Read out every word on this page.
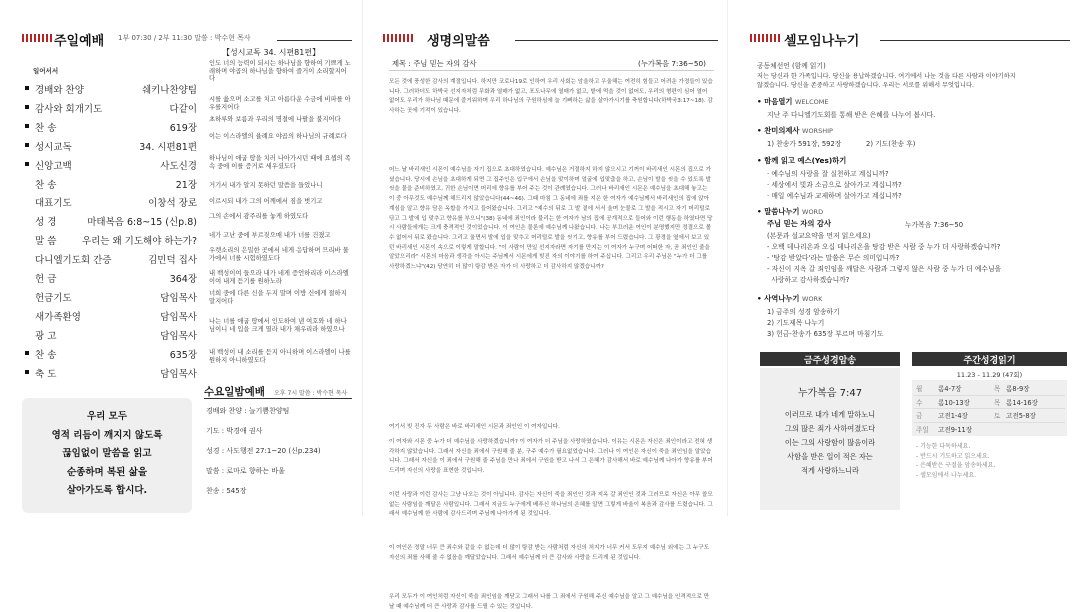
주일예배 1부 07:30 / 2부 11:30 말씀 : 박수현 목사
일어서서
경배와 찬양	쉐키나찬양팀
감사와 회개기도	다같이
찬 송	619장
성시교독	34. 시편81편
신앙고백	사도신경
찬 송	21장
대표기도	이창석 장로
성 경	마태복음 6:8~15 (신p.8)
말 씀	우리는 왜 기도해야 하는가?
다니엘기도회 간증	김민덕 집사
헌 금	364장
헌금기도	담임목사
새가족환영	담임목사
광 고	담임목사
찬 송	635장
축 도	담임목사
【성시교독 34. 시편81편】
인도 너의 능력이 되시는 하나님을 향하여 기쁘게 노래하며 야곱의 하나님을 향하여 즐거이 소리할지어다
시를 읊으며 소고를 치고 아름다운 수금에 비파를 아우를지어다
초하루와 보름과 우리의 명절에 나팔을 불지어다
이는 이스라엘의 율례요 야곱의 하나님의 규례로다
하나님이 애굽 땅을 치러 나아가시던 때에 요셉의 족속 중에 이를 증거로 세우셨도다
거기서 내가 알지 못하던 말씀을 들었나니
이르시되 내가 그의 어깨에서 짐을 벗기고
그의 손에서 광주리를 놓게 하였도다
네가 고난 중에 부르짖으매 내가 너를 건졌고
우렛소리의 은밀한 곳에서 네게 응답하며 므리바 물가에서 너를 시험하였도다
내 백성이여 들으라 내가 네게 증언하리라 이스라엘이여 내게 듣기를 원하노라
너희 중에 다른 신을 두지 말며 이방 신에게 절하지 말지어다
나는 너를 애굽 땅에서 인도하여 낸 여호와 네 하나님이니 네 입을 크게 열라 내가 채우리라 하였으나
내 백성이 내 소리를 듣지 아니하며 이스라엘이 나를 원하지 아니하였도다
우리 모두
영적 리듬이 깨지지 않도록
끊임없이 말씀을 읽고
순종하며 복된 삶을
살아가도록 합시다.
수요일밤예배 오후 7시 말씀 : 박수현 목사
경배와 찬양 : 늘기쁨찬양팀
기도 : 박경애 권사
성경 : 사도행전 27:1~20 (신p.234)
말씀 : 로마로 향하는 바울
찬송 : 545장
생명의말씀
제목 : 주님 믿는 자의 감사	(누가복음 7:36~50)
모든 것에 풍성한 감사의 계절입니다. 하지만 코로나19로 인하여 우리 사회는 암울하고 우울해는 여전히 힘들고 어려운 가정들이 있습니다. 그러하더도 하박국 선지자처럼 무화과 열매가 없고, 포도나무에 열매가 없고, 밭에 먹을 것이 없어도, 우리의 형편이 심어 열어 없어도 우리가 하나님 때문에 즐거워하며 우리 하나님의 구원하심에 늘 기뻐하는 삶을 살아가시기를 축원합니다(하박국3:17~18). 감사하는 곳에 기적이 있습니다.
어느 날 바리새인 시몬이 예수님을 자기 집으로 초대하였습니다. 예수님은 거절하지 하지 않으시고 기꺼이 바리새인 시몬의 집으로 가셨습니다. 당시에 손님을 초대하게 되면 그 집주인은 입구에서 손님을 맞이하며 얼굴에 입맞춤을 하고, 손님이 발을 씻을 수 있도록 발씻을 물을 준비하였고, 귀한 손님이면 머리에 향유를 부어 주는 것이 관례였습니다. 그러나 바리새인 시몬은 예수님을 초대해 놓고는 이 중 아무것도 예수님께 해드리지 않았습니다(44~46). 그때 마침 그 동네에 죄를 지은 한 여자가 예수님께서 바리새인의 집에 앉아 계심을 알고 향유 담은 옥합을 가지고 들어왔습니다. 그리고 "예수의 뒤로 그 발 곁에 서서 울며 눈물로 그 발을 적시고 자기 머리털로 닦고 그 발에 입 맞추고 향유를 부으니"(38) 동네에 죄인이라 불리는 한 여자가 남의 집에 공개적으로 들어와 이런 행동을 하였다면 당시 사람들에게는 크게 충격적인 것이었습니다. 이 여인은 물론에 예수님께 나왔습니다. 나는 부끄러운 여인이 분명했지만 정결으로 볼 수 없어서 뒤로 왔습니다. 그리고 울면서 발에 입을 맞추고 머리털로 발을 씻기고, 향유를 부어 드렸습니다. 그 광경을 옆에서 보고 있던 바리새인 시몬이 속으로 이렇게 말합니다. "이 사람이 만일 선지자라면 자기를 만지는 이 여자가 누구며 어떠한 자, 곧 죄인인 줄을 알았으리라" 시몬의 마음과 생각을 아시는 주님께서 시몬에게 빚진 자의 이야기를 하여 주십니다. 그리고 우리 주님은 "누가 더 그를 사랑하겠느냐"(42) 당연히 더 많이 탕감 받은 자가 더 사랑하고 더 감사하지 않겠습니까?
여기서 빚 진자 두 사람은 바로 바리새인 시몬과 죄인인 이 여자입니다.
이 여자와 시몬 중 누가 더 예수님을 사랑하겠습니까? 이 여자가 더 주님을 사랑하였습니다. 이유는 시몬은 자신은 죄인이라고 전혀 생각하지 않았습니다. 그래서 자신을 죄에서 구원해 줄 분, 구주 예수가 필요없었습니다. 그러나 이 여인은 자신이 죽을 죄인임을 알았습니다. 그래서 자신을 이 죄에서 구원해 줄 주님을 만나 죄에서 구원을 받고 나서 그 은혜가 감사해서 바로 예수님께 나아가 향유를 부어드리며 자신의 사랑을 표현한 것입니다.
이런 사랑과 이런 감사는 그냥 나오는 것이 아닙니다. 감사는 자신이 죽을 죄인인 것과 지옥 갈 죄인인 것과 그러므로 자신은 아무 쓸모 없는 사람임을 깨달은 사람입니다. 그래서 지금도 누구에게 베푸신 하나님의 은혜를 알면 그렇게 바울이 복음과 감사를 드렸습니다. 그래서 예수님께 한 사람에 감사드리며 주님께 나아가게 된 것입니다.
이 여인은 정말 너무 큰 죄수와 같을 수 없는데 더 많이 탕감 받는 사람처럼 자신의 처지가 너무 커서 도무지 예수님 외에는 그 누구도 자신의 죄를 사해 줄 수 없음을 깨달았습니다. 그래서 예수님께 더 큰 감사와 사랑을 드리게 된 것입니다.
우리 모두가 이 여인처럼 자신이 죽을 죄인임을 깨닫고 그래서 나를 그 죄에서 구원해 주신 예수님을 알고 그 예수님을 인격적으로 만날 때 예수님께 더 큰 사랑과 감사를 드릴 수 있는 것입니다.
셀모임나누기
공동체선언 (함께 읽기)
저는 당신과 한 가족입니다. 당신을 용납하겠습니다. 여기에서 나눈 것을 다른 사람과 이야기하지
않겠습니다. 당신을 존중하고 사랑하겠습니다. 우리는 서로를 위해서 무엇입니다.
• 마음열기 WELCOME
지난 주 다니엘기도회를 통해 받은 은혜를 나누어 봅시다.
• 찬미의제사 WORSHIP
1) 찬송가 591장, 592장	2) 기도(찬송 후)
• 함께 읽고 예스(Yes)하기
· 예수님의 사랑을 잘 실천하고 계십니까?
· 세상에서 빛과 소금으로 살아가고 계십니까?
· 매일 예수님과 교제하며 살아가고 계십니까?
• 말씀나누기 WORD
주님 믿는 자의 감사	누가복음 7:36~50
(본문과 설교요약을 먼저 읽으세요)
- 오백 데나리온과 오십 데나리온을 탕감 받은 사람 중 누가 더 사랑하겠습니까?
- '탕감 받았다'라는 말씀은 무슨 의미입니까?
- 자신이 지옥 갈 죄인임을 깨달은 사람과 그렇지 않은 사람 중 누가 더 예수님을
사랑하고 감사하겠습니까?
• 사역나누기 WORK
1) 금주의 성경 암송하기
2) 기도제목 나누기
3) 헌금-찬송가 635장 부르며 마침기도
금주성경암송
누가복음 7:47
이러므로 내가 네게 말하노니
그의 많은 죄가 사하여졌도다
이는 그의 사랑함이 많음이라
사함을 받은 일이 적은 자는
적게 사랑하느니라
주간성경읽기
11.23 - 11.29 (47회)
월 롬4-7장	목 롬8-9장
수 롬10-13장	목 롬14-16장
금 고전1-4장	토 고전5-8장
주일 고전9-11장
- 기능한 다독하세요.
- 반드시 기도하고 읽으세요.
- 은혜받은 구절을 암송하세요.
- 셀모임에서 나누세요.
